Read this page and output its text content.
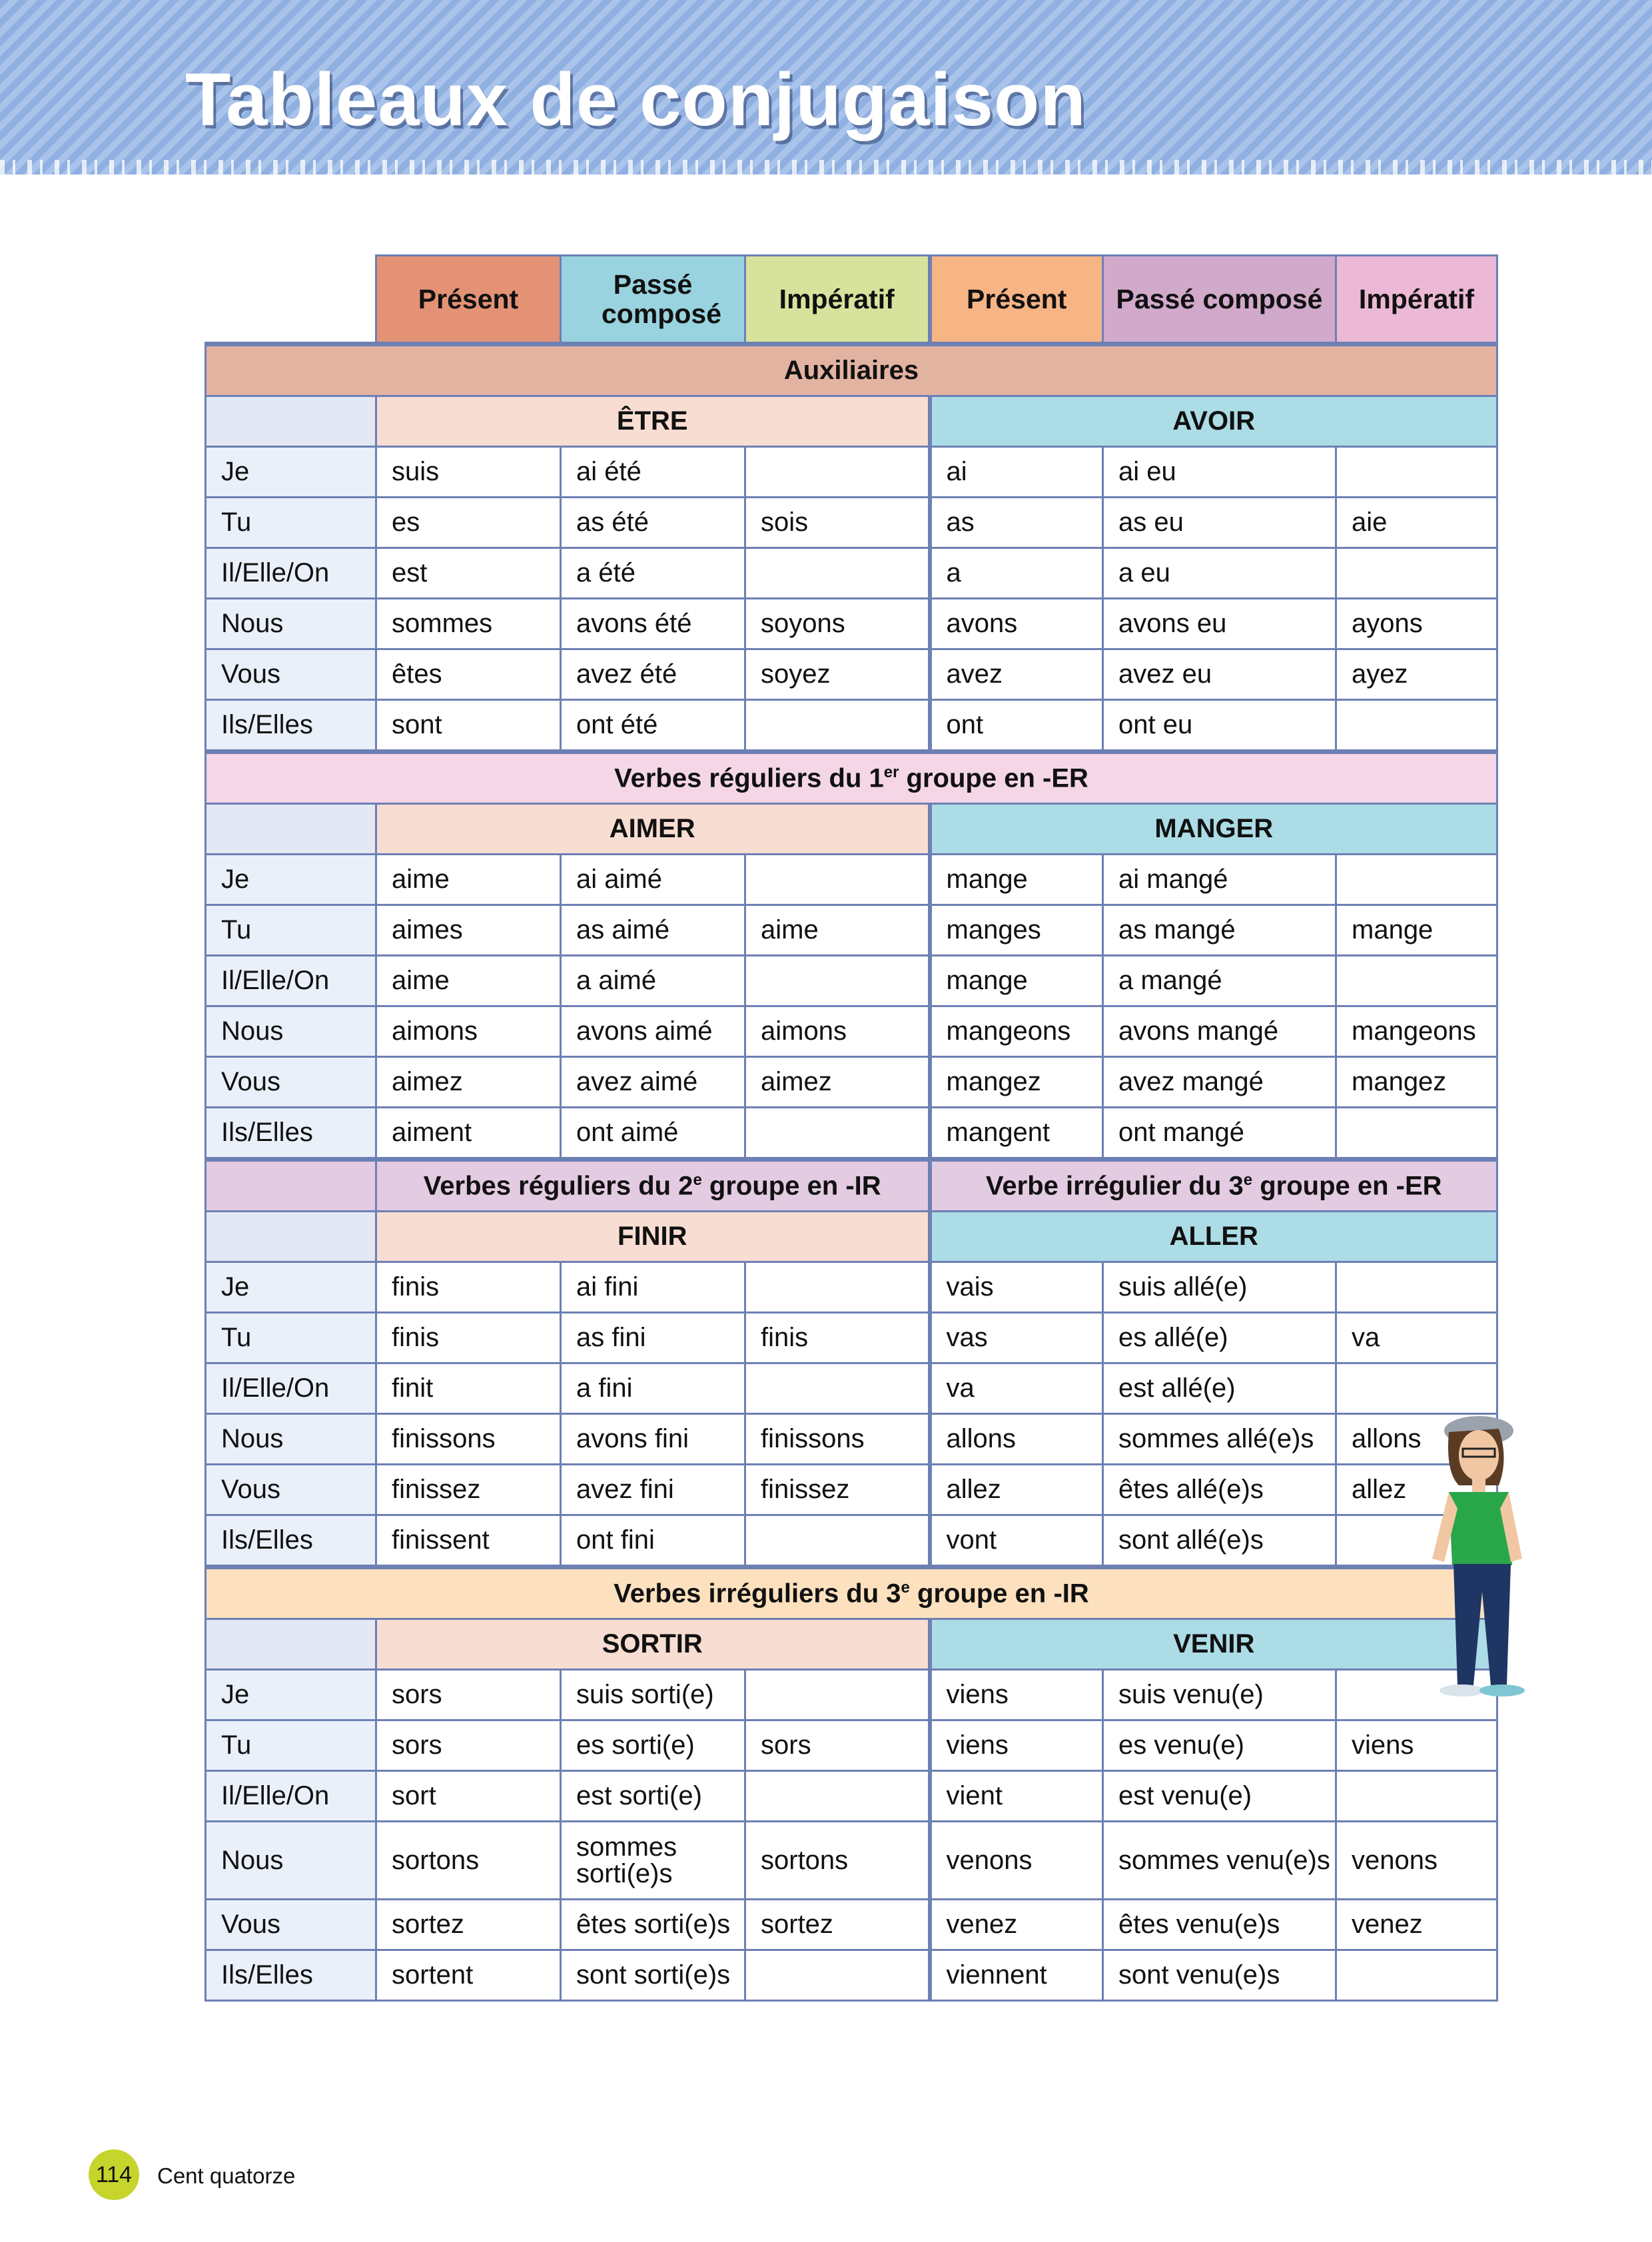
Tableaux de conjugaison
	Présent	Passé composé	Impératif	Présent	Passé composé	Impératif
Auxiliaires						
	ÊTRE			AVOIR		
Je	suis	ai été		ai	ai eu	
Tu	es	as été	sois	as	as eu	aie
Il/Elle/On	est	a été		a	a eu	
Nous	sommes	avons été	soyons	avons	avons eu	ayons
Vous	êtes	avez été	soyez	avez	avez eu	ayez
Ils/Elles	sont	ont été		ont	ont eu	
Verbes réguliers du 1er groupe en -ER						
	AIMER			MANGER		
Je	aime	ai aimé		mange	ai mangé	
Tu	aimes	as aimé	aime	manges	as mangé	mange
Il/Elle/On	aime	a aimé		mange	a mangé	
Nous	aimons	avons aimé	aimons	mangeons	avons mangé	mangeons
Vous	aimez	avez aimé	aimez	mangez	avez mangé	mangez
Ils/Elles	aiment	ont aimé		mangent	ont mangé	
	Verbes réguliers du 2e groupe en -IR			Verbe irrégulier du 3e groupe en -ER		
	FINIR			ALLER		
Je	finis	ai fini		vais	suis allé(e)	
Tu	finis	as fini	finis	vas	es allé(e)	va
Il/Elle/On	finit	a fini		va	est allé(e)	
Nous	finissons	avons fini	finissons	allons	sommes allé(e)s	allons
Vous	finissez	avez fini	finissez	allez	êtes allé(e)s	allez
Ils/Elles	finissent	ont fini		vont	sont allé(e)s	
Verbes irréguliers du 3e groupe en -IR						
	SORTIR			VENIR		
Je	sors	suis sorti(e)		viens	suis venu(e)	
Tu	sors	es sorti(e)	sors	viens	es venu(e)	viens
Il/Elle/On	sort	est sorti(e)		vient	est venu(e)	
Nous	sortons	sommes sorti(e)s	sortons	venons	sommes venu(e)s	venons
Vous	sortez	êtes sorti(e)s	sortez	venez	êtes venu(e)s	venez
Ils/Elles	sortent	sont sorti(e)s		viennent	sont venu(e)s	
114	Cent quatorze
